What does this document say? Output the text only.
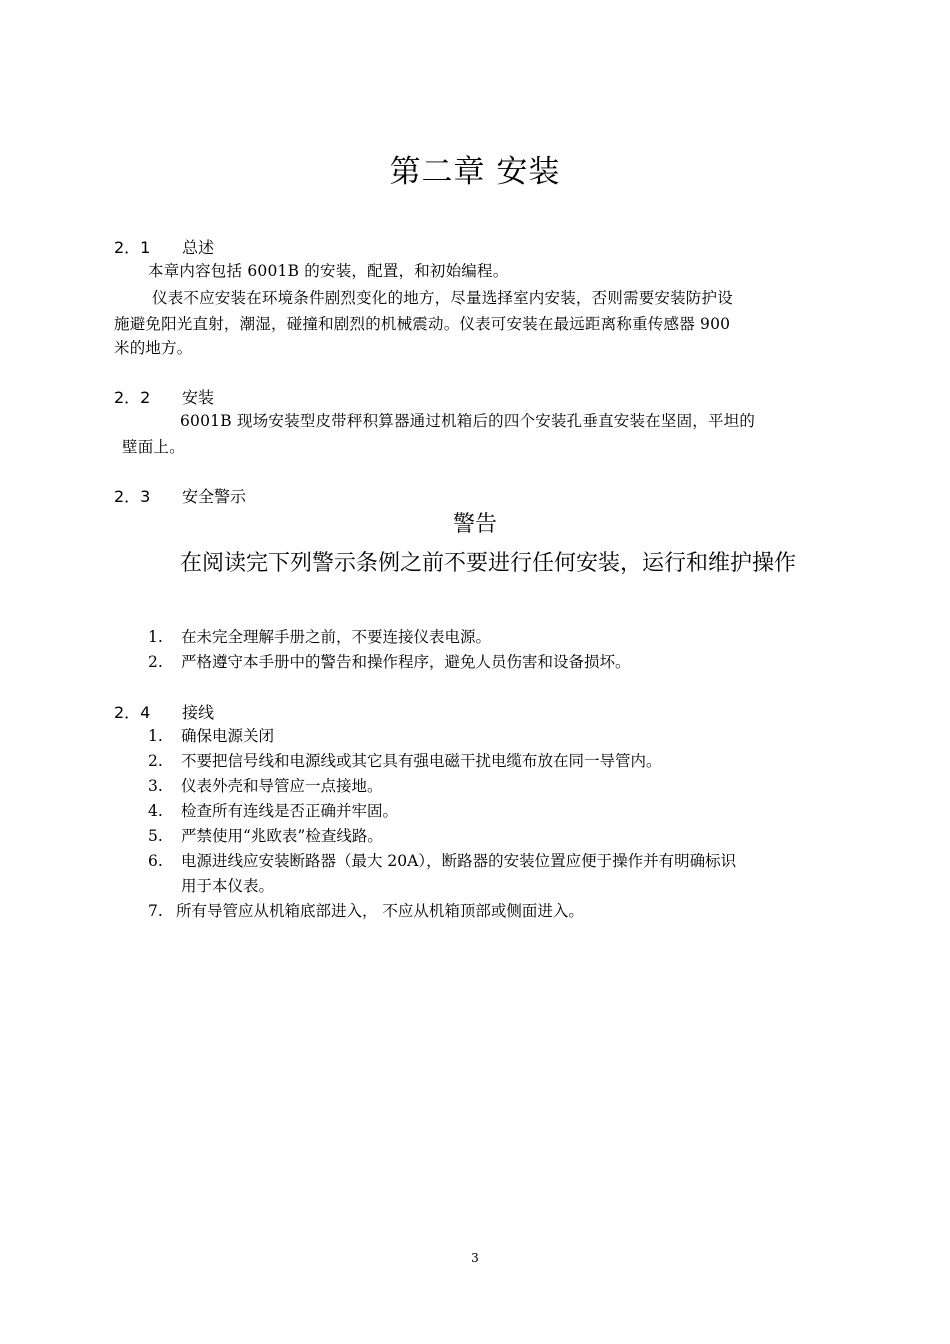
第二章 安装
2．1 总述
本章内容包括 6001B 的安装，配置，和初始编程。
仪表不应安装在环境条件剧烈变化的地方，尽量选择室内安装，否则需要安装防护设
施避免阳光直射，潮湿，碰撞和剧烈的机械震动。仪表可安装在最远距离称重传感器 900
米的地方。
2．2 安装
6001B 现场安装型皮带秤积算器通过机箱后的四个安装孔垂直安装在坚固，平坦的
壁面上。
2．3 安全警示
警告
在阅读完下列警示条例之前不要进行任何安装，运行和维护操作
1. 在未完全理解手册之前，不要连接仪表电源。
2. 严格遵守本手册中的警告和操作程序，避免人员伤害和设备损坏。
2．4 接线
1. 确保电源关闭
2. 不要把信号线和电源线或其它具有强电磁干扰电缆布放在同一导管内。
3. 仪表外壳和导管应一点接地。
4. 检查所有连线是否正确并牢固。
5. 严禁使用“兆欧表”检查线路。
6. 电源进线应安装断路器（最大 20A），断路器的安装位置应便于操作并有明确标识
用于本仪表。
7. 所有导管应从机箱底部进入， 不应从机箱顶部或侧面进入。
3
